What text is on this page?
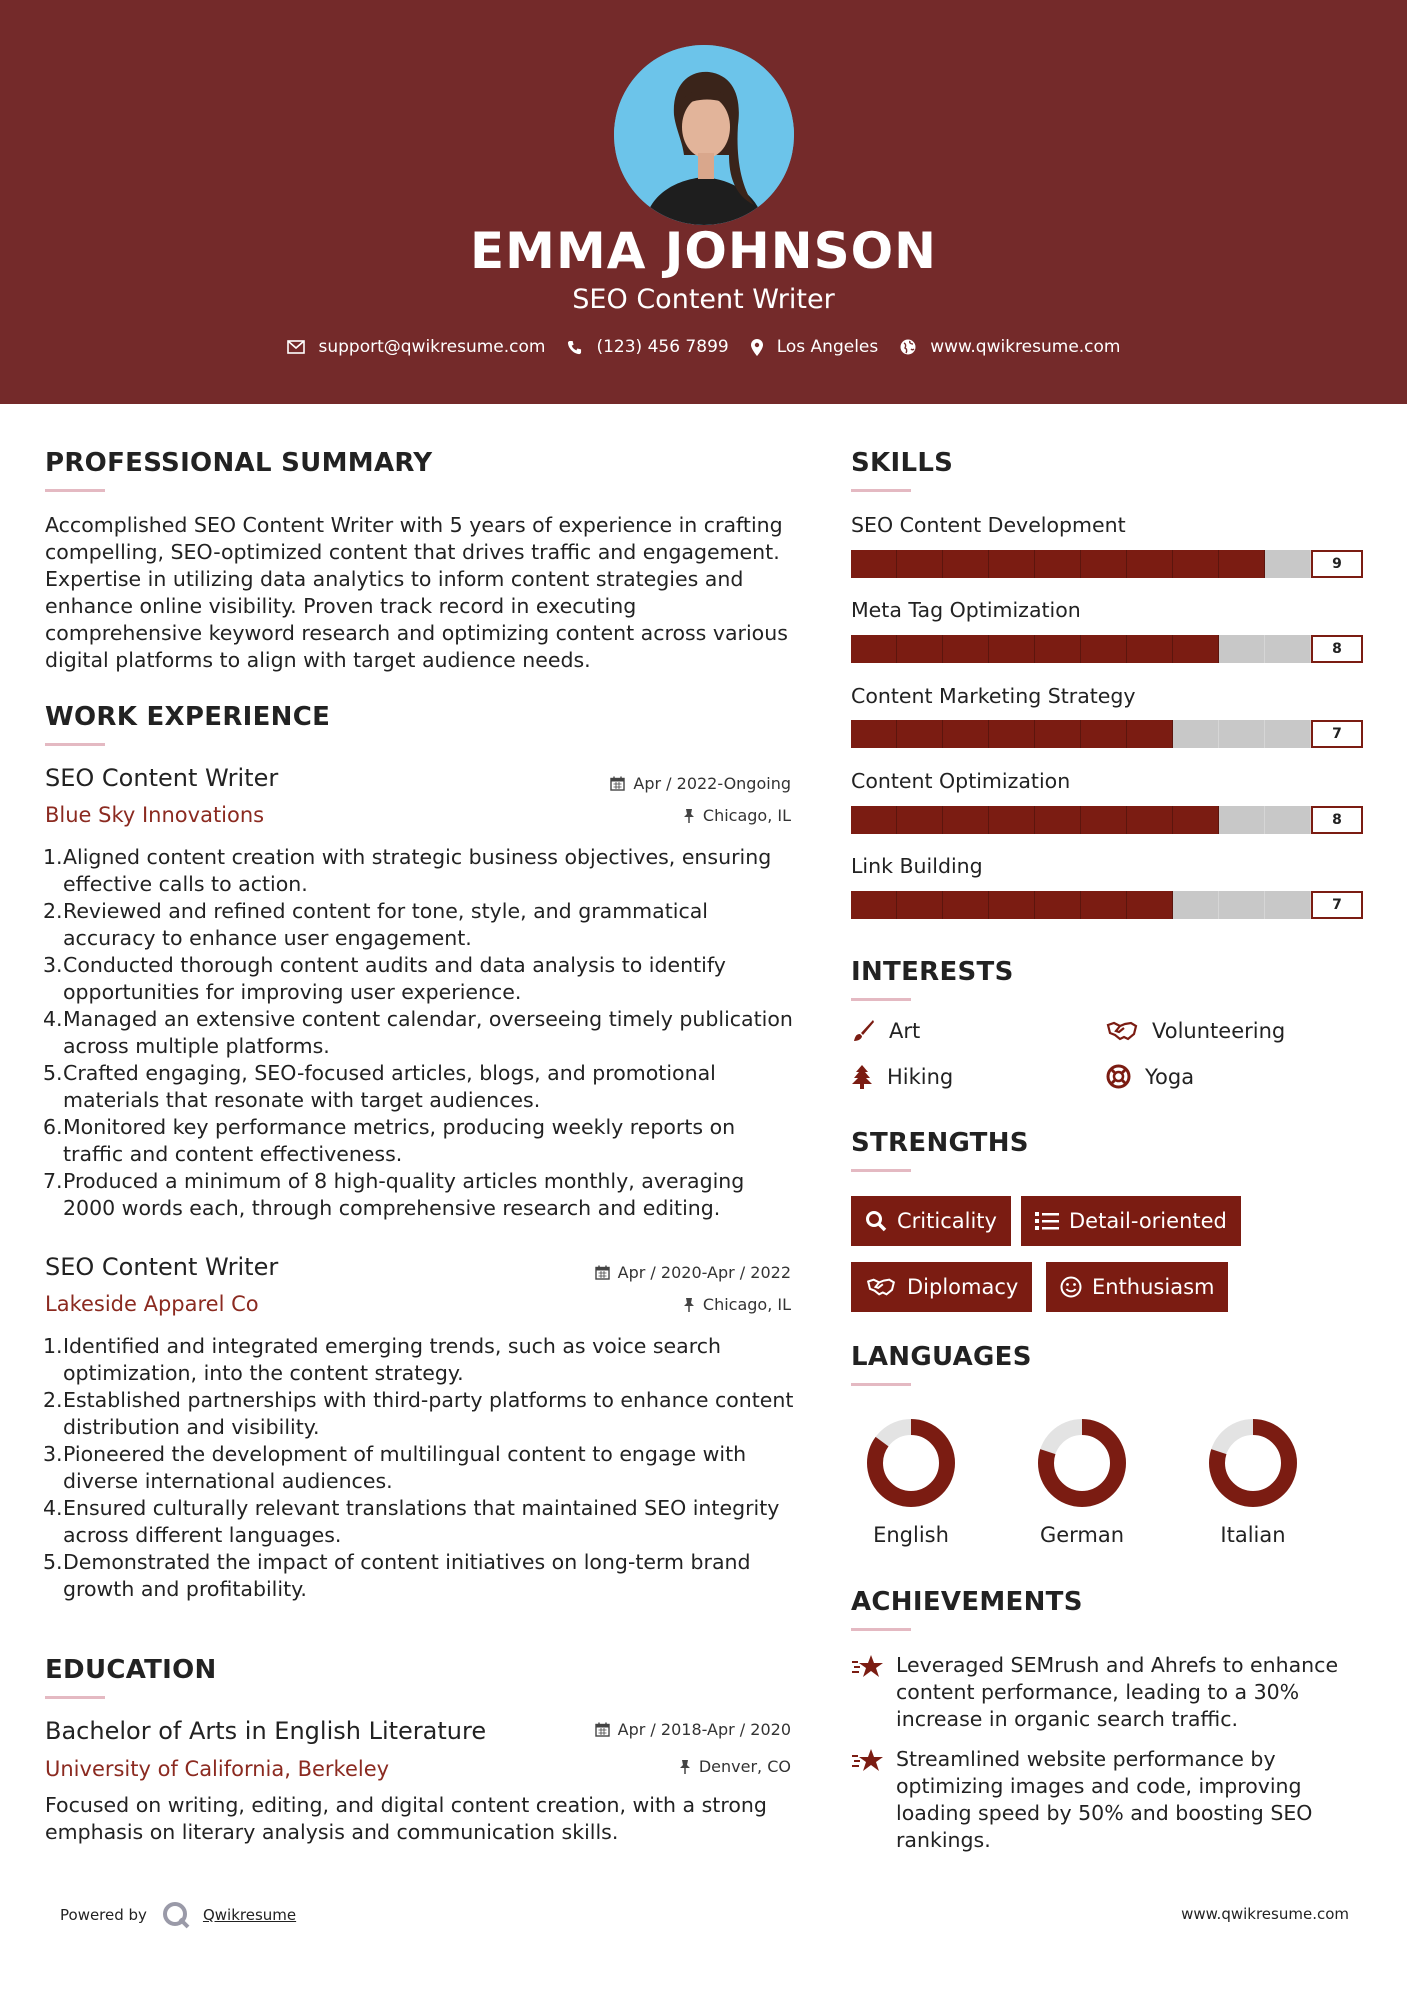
EMMA JOHNSON
SEO Content Writer
support@qwikresume.com	(123) 456 7899	Los Angeles	www.qwikresume.com
PROFESSIONAL SUMMARY
Accomplished SEO Content Writer with 5 years of experience in crafting compelling, SEO-optimized content that drives traffic and engagement. Expertise in utilizing data analytics to inform content strategies and enhance online visibility. Proven track record in executing comprehensive keyword research and optimizing content across various digital platforms to align with target audience needs.
WORK EXPERIENCE
SEO Content Writer	Apr / 2022-Ongoing
Blue Sky Innovations	Chicago, IL
1. Aligned content creation with strategic business objectives, ensuring effective calls to action.
2. Reviewed and refined content for tone, style, and grammatical accuracy to enhance user engagement.
3. Conducted thorough content audits and data analysis to identify opportunities for improving user experience.
4. Managed an extensive content calendar, overseeing timely publication across multiple platforms.
5. Crafted engaging, SEO-focused articles, blogs, and promotional materials that resonate with target audiences.
6. Monitored key performance metrics, producing weekly reports on traffic and content effectiveness.
7. Produced a minimum of 8 high-quality articles monthly, averaging 2000 words each, through comprehensive research and editing.
SEO Content Writer	Apr / 2020-Apr / 2022
Lakeside Apparel Co	Chicago, IL
1. Identified and integrated emerging trends, such as voice search optimization, into the content strategy.
2. Established partnerships with third-party platforms to enhance content distribution and visibility.
3. Pioneered the development of multilingual content to engage with diverse international audiences.
4. Ensured culturally relevant translations that maintained SEO integrity across different languages.
5. Demonstrated the impact of content initiatives on long-term brand growth and profitability.
EDUCATION
Bachelor of Arts in English Literature	Apr / 2018-Apr / 2020
University of California, Berkeley	Denver, CO
Focused on writing, editing, and digital content creation, with a strong emphasis on literary analysis and communication skills.
SKILLS
SEO Content Development
9
Meta Tag Optimization
8
Content Marketing Strategy
7
Content Optimization
8
Link Building
7
INTERESTS
Art	Volunteering
Hiking	Yoga
STRENGTHS
Criticality	Detail-oriented
Diplomacy	Enthusiasm
LANGUAGES
English	German	Italian
ACHIEVEMENTS
Leveraged SEMrush and Ahrefs to enhance content performance, leading to a 30% increase in organic search traffic.
Streamlined website performance by optimizing images and code, improving loading speed by 50% and boosting SEO rankings.
Powered by	Qwikresume	www.qwikresume.com
